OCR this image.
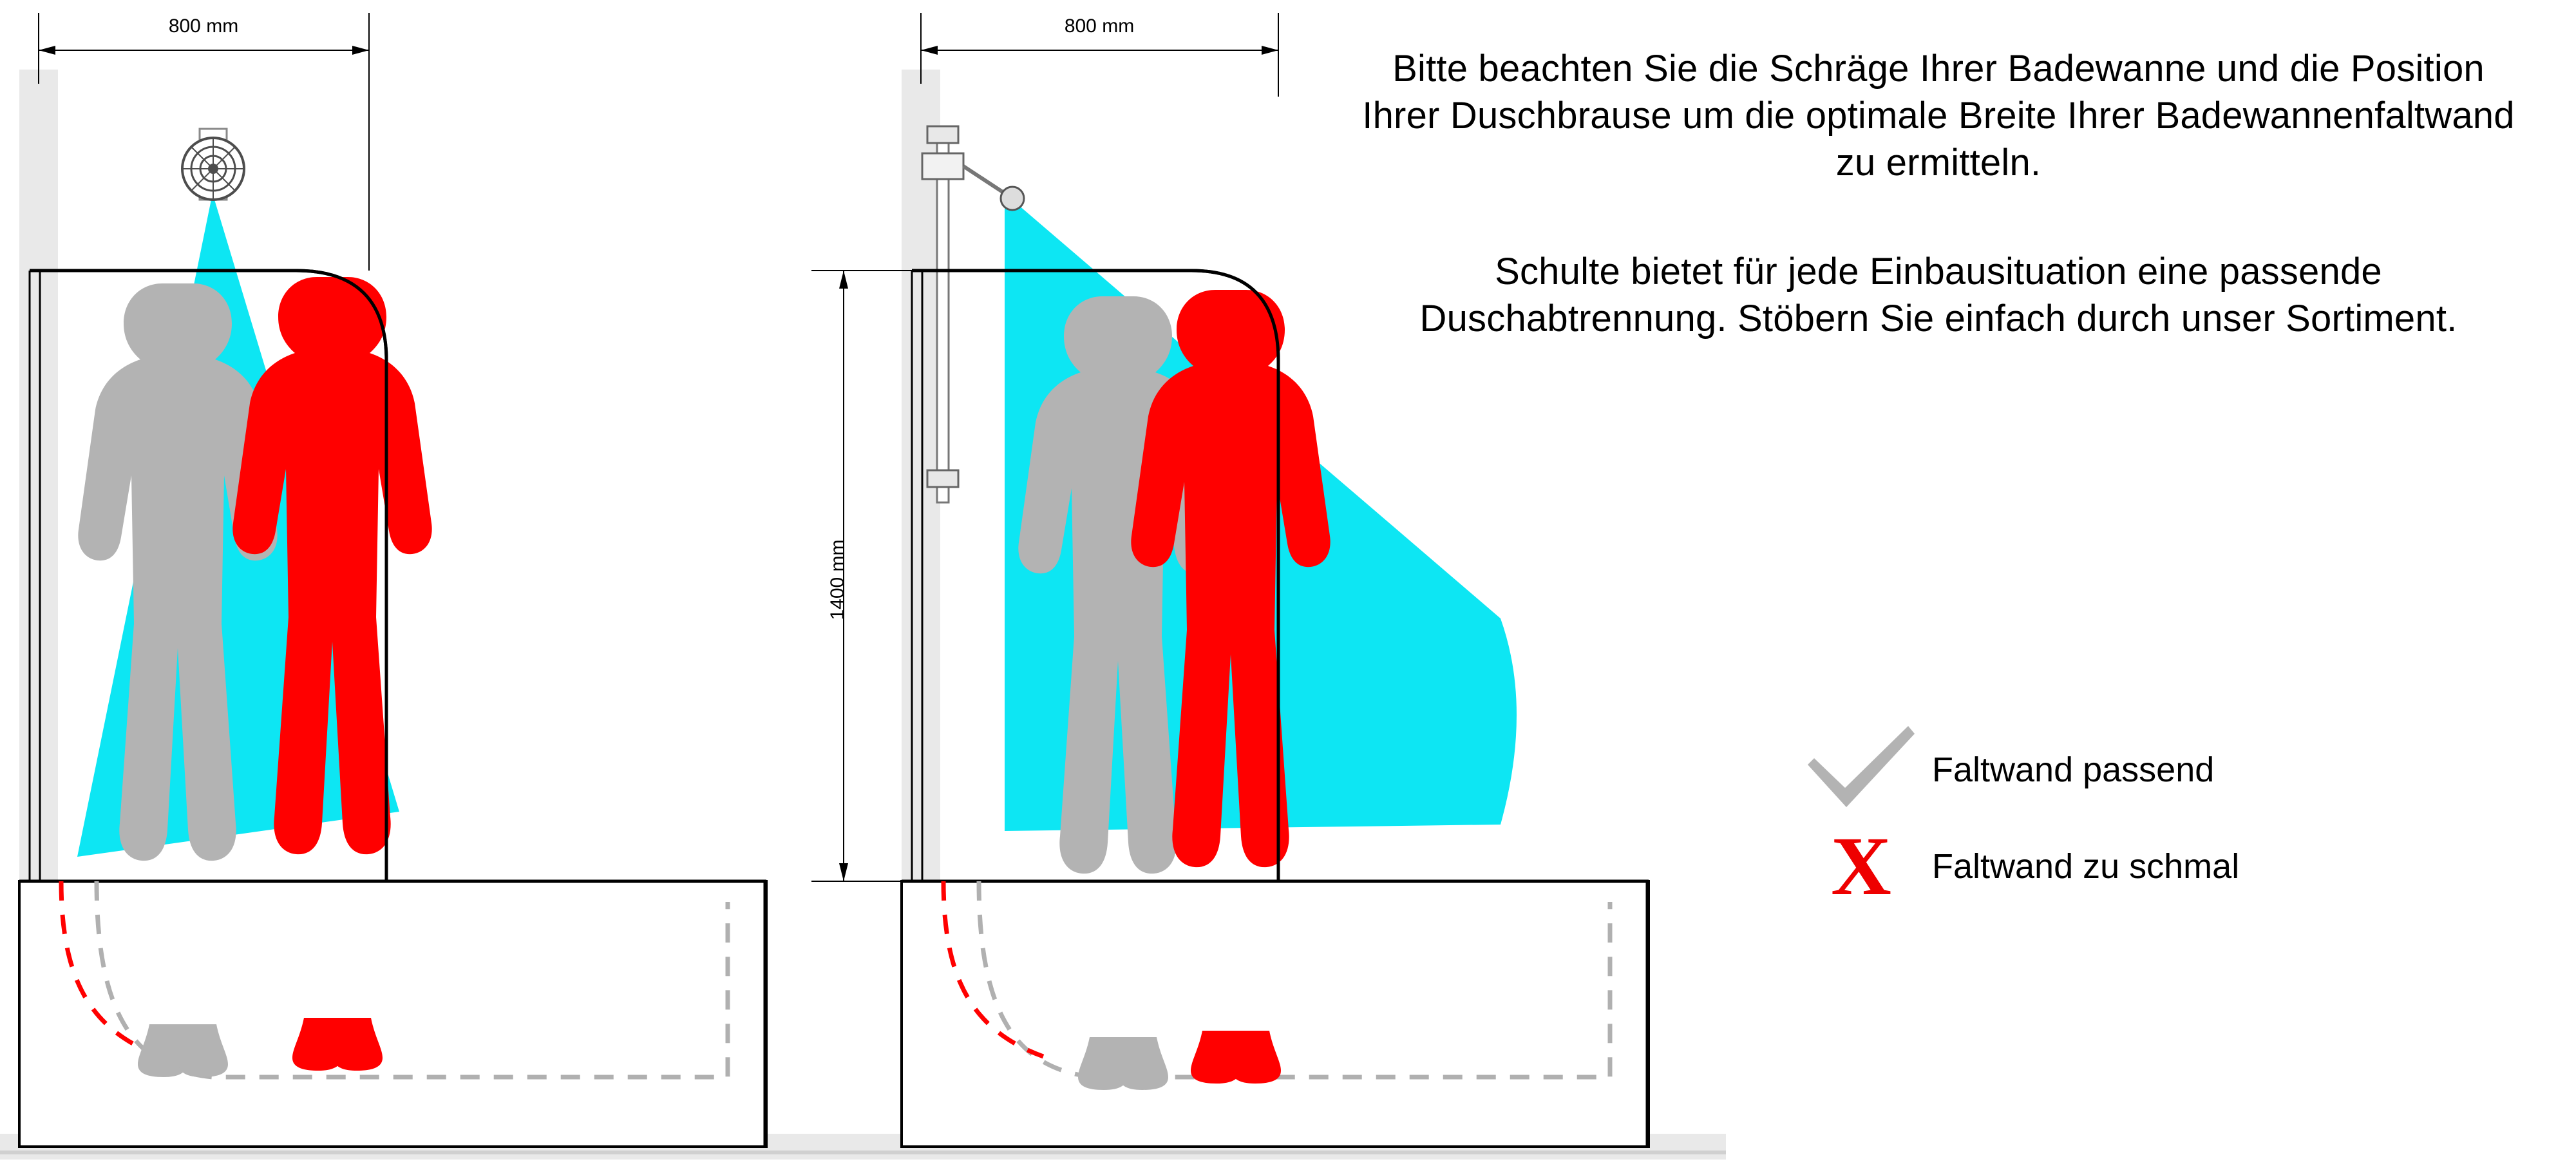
800 mm	800 mm
1400 mm
Bitte beachten Sie die Schräge Ihrer Badewanne und die Position Ihrer Duschbrause um die optimale Breite Ihrer Badewannenfaltwand zu ermitteln.
Schulte bietet für jede Einbausituation eine passende Duschabtrennung. Stöbern Sie einfach durch unser Sortiment.
Faltwand passend
X Faltwand zu schmal
